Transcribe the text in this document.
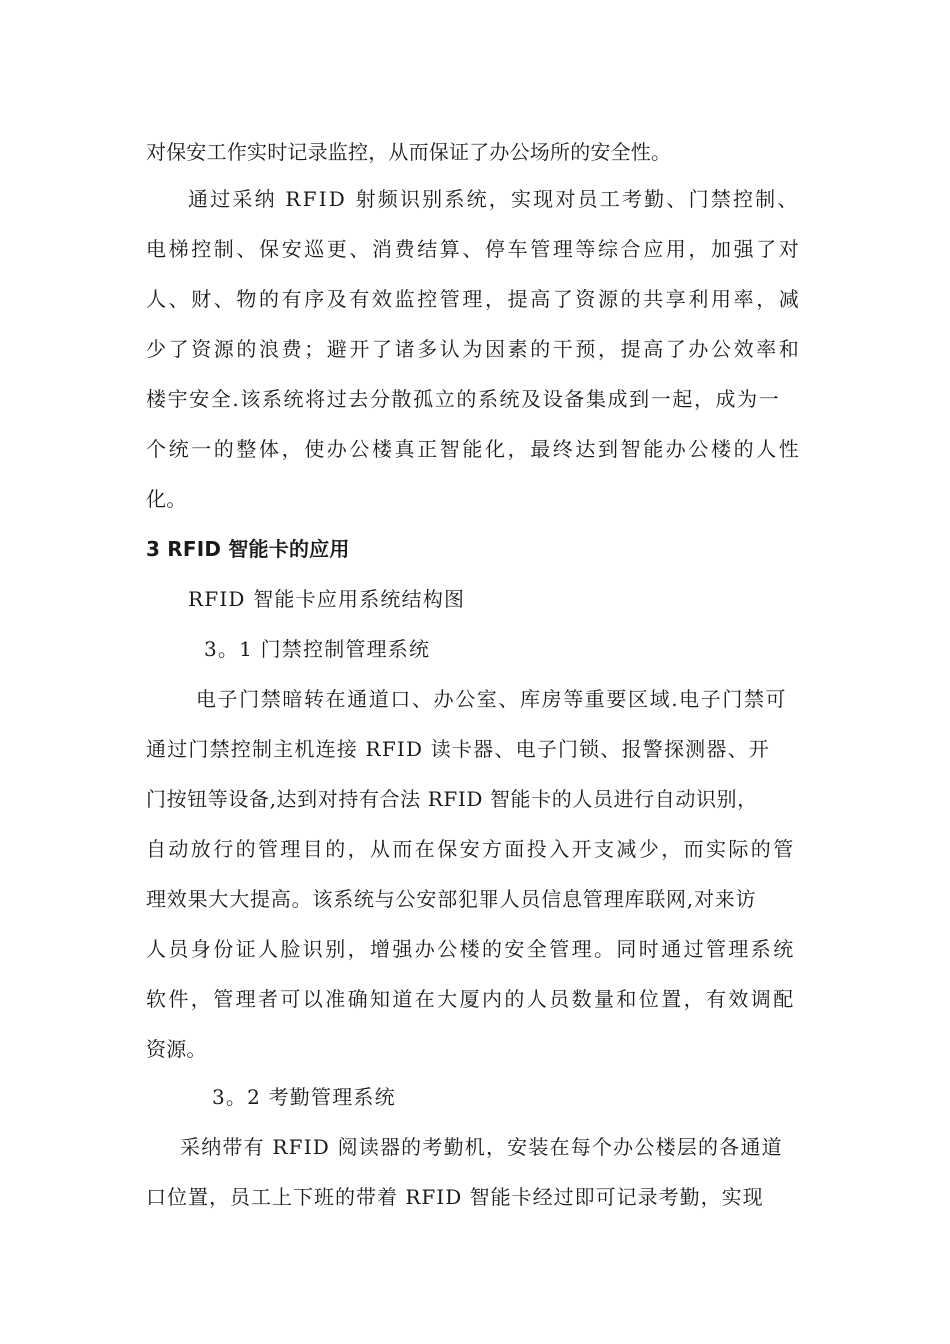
对保安工作实时记录监控，从而保证了办公场所的安全性。
通过采纳 RFID 射频识别系统，实现对员工考勤、门禁控制、
电梯控制、保安巡更、消费结算、停车管理等综合应用，加强了对
人、财、物的有序及有效监控管理，提高了资源的共享利用率，减
少了资源的浪费；避开了诸多认为因素的干预，提高了办公效率和
楼宇安全.该系统将过去分散孤立的系统及设备集成到一起，成为一
个统一的整体，使办公楼真正智能化，最终达到智能办公楼的人性
化。
3 RFID 智能卡的应用
RFID 智能卡应用系统结构图
3。1 门禁控制管理系统
电子门禁暗转在通道口、办公室、库房等重要区域.电子门禁可
通过门禁控制主机连接 RFID 读卡器、电子门锁、报警探测器、开
门按钮等设备,达到对持有合法 RFID 智能卡的人员进行自动识别，
自动放行的管理目的，从而在保安方面投入开支减少，而实际的管
理效果大大提高。该系统与公安部犯罪人员信息管理库联网,对来访
人员身份证人脸识别，增强办公楼的安全管理。同时通过管理系统
软件，管理者可以准确知道在大厦内的人员数量和位置，有效调配
资源。
3。2 考勤管理系统
采纳带有 RFID 阅读器的考勤机，安装在每个办公楼层的各通道
口位置，员工上下班的带着 RFID 智能卡经过即可记录考勤，实现
